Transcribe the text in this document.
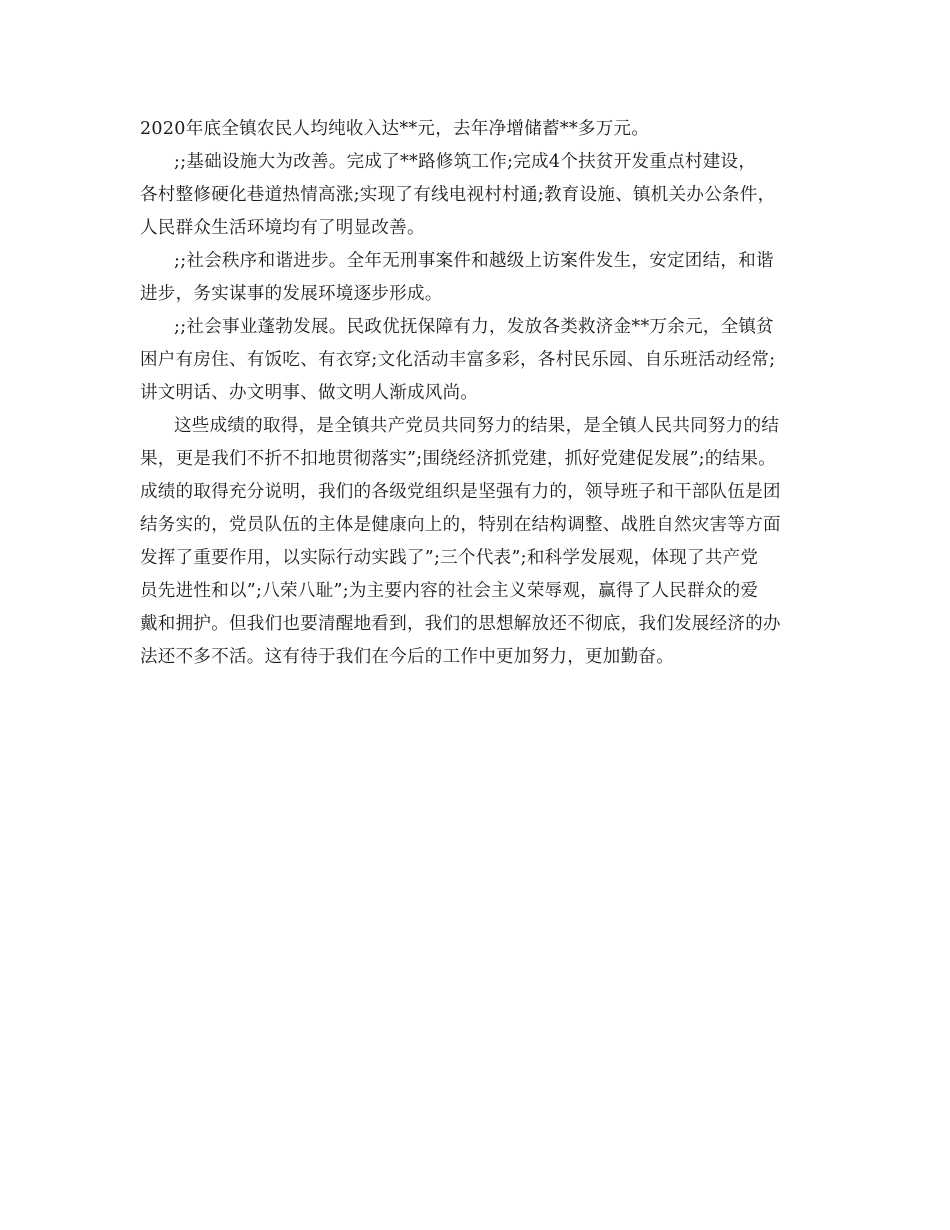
2020年底全镇农民人均纯收入达**元，去年净增储蓄**多万元。
;;基础设施大为改善。完成了**路修筑工作;完成4个扶贫开发重点村建设，
各村整修硬化巷道热情高涨;实现了有线电视村村通;教育设施、镇机关办公条件，
人民群众生活环境均有了明显改善。
;;社会秩序和谐进步。全年无刑事案件和越级上访案件发生，安定团结，和谐
进步，务实谋事的发展环境逐步形成。
;;社会事业蓬勃发展。民政优抚保障有力，发放各类救济金**万余元，全镇贫
困户有房住、有饭吃、有衣穿;文化活动丰富多彩，各村民乐园、自乐班活动经常;
讲文明话、办文明事、做文明人渐成风尚。
这些成绩的取得，是全镇共产党员共同努力的结果，是全镇人民共同努力的结
果，更是我们不折不扣地贯彻落实”;围绕经济抓党建，抓好党建促发展”;的结果。
成绩的取得充分说明，我们的各级党组织是坚强有力的，领导班子和干部队伍是团
结务实的，党员队伍的主体是健康向上的，特别在结构调整、战胜自然灾害等方面
发挥了重要作用，以实际行动实践了”;三个代表”;和科学发展观，体现了共产党
员先进性和以”;八荣八耻”;为主要内容的社会主义荣辱观，赢得了人民群众的爱
戴和拥护。但我们也要清醒地看到，我们的思想解放还不彻底，我们发展经济的办
法还不多不活。这有待于我们在今后的工作中更加努力，更加勤奋。
